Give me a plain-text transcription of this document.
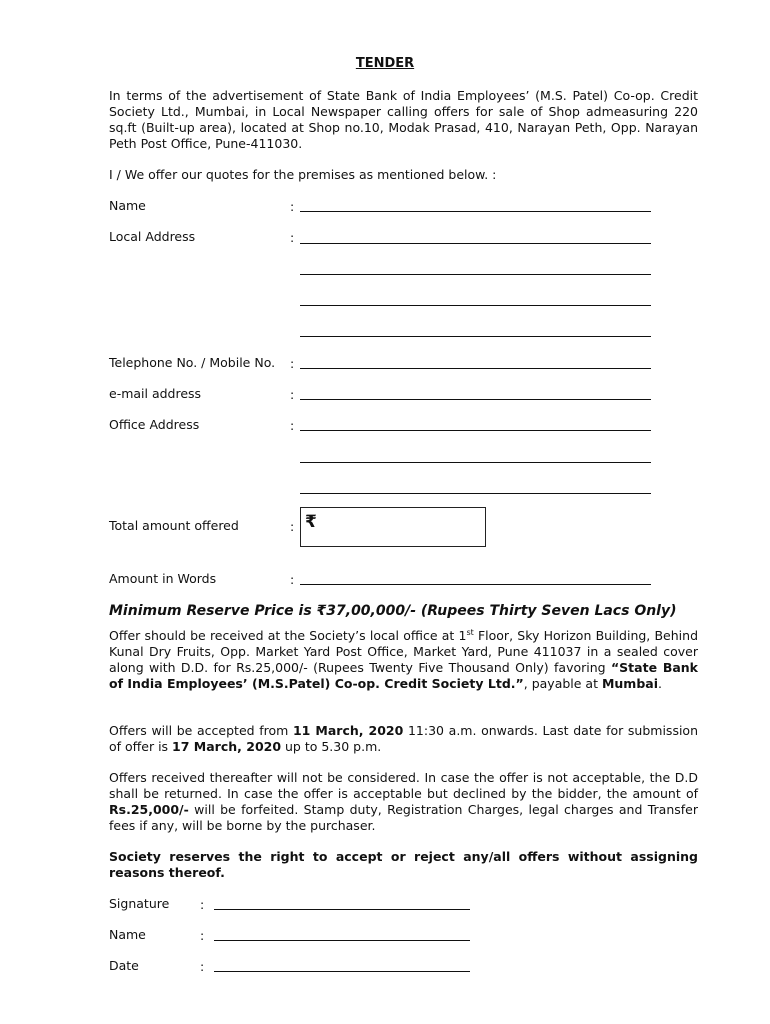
TENDER
In terms of the advertisement of State Bank of India Employees’ (M.S. Patel) Co-op. Credit Society Ltd., Mumbai, in Local Newspaper calling offers for sale of Shop admeasuring 220 sq.ft (Built-up area), located at Shop no.10, Modak Prasad, 410, Narayan Peth, Opp. Narayan Peth Post Office, Pune-411030.
I / We offer our quotes for the premises as mentioned below. :
Name	:
Local Address	:
Telephone No. / Mobile No. :
e-mail address	:
Office Address	:
Total amount offered	: ₹
Amount in Words	:
Minimum Reserve Price is ₹37,00,000/- (Rupees Thirty Seven Lacs Only)
Offer should be received at the Society’s local office at 1st Floor, Sky Horizon Building, Behind Kunal Dry Fruits, Opp. Market Yard Post Office, Market Yard, Pune 411037 in a sealed cover along with D.D. for Rs.25,000/- (Rupees Twenty Five Thousand Only) favoring “State Bank of India Employees’ (M.S.Patel) Co-op. Credit Society Ltd.”, payable at Mumbai.
Offers will be accepted from 11 March, 2020 11:30 a.m. onwards. Last date for submission of offer is 17 March, 2020 up to 5.30 p.m.
Offers received thereafter will not be considered. In case the offer is not acceptable, the D.D shall be returned. In case the offer is acceptable but declined by the bidder, the amount of Rs.25,000/- will be forfeited. Stamp duty, Registration Charges, legal charges and Transfer fees if any, will be borne by the purchaser.
Society reserves the right to accept or reject any/all offers without assigning reasons thereof.
Signature :
Name	:
Date	:
